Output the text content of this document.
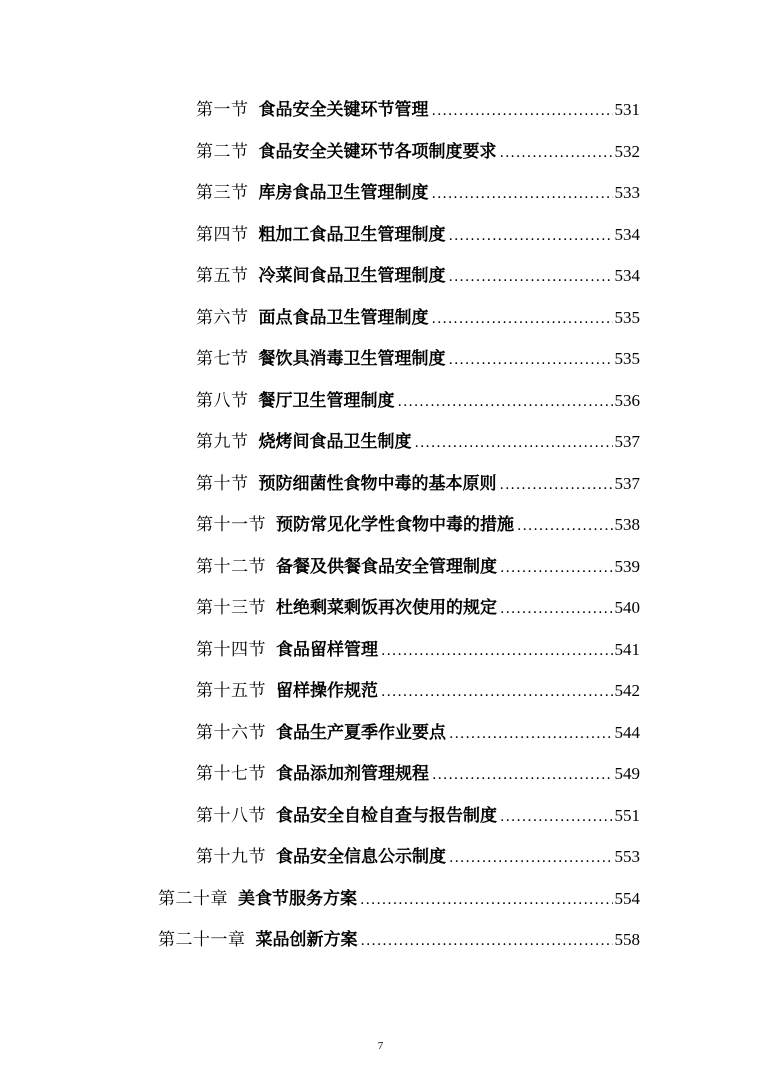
第一节 食品安全关键环节管理 .....	531
第二节 食品安全关键环节各项制度要求 .....	532
第三节 库房食品卫生管理制度 .....	533
第四节 粗加工食品卫生管理制度 .....	534
第五节 冷菜间食品卫生管理制度 .....	534
第六节 面点食品卫生管理制度 .....	535
第七节 餐饮具消毒卫生管理制度 .....	535
第八节 餐厅卫生管理制度 .....	536
第九节 烧烤间食品卫生制度 .....	537
第十节 预防细菌性食物中毒的基本原则 .....	537
第十一节 预防常见化学性食物中毒的措施 .....	538
第十二节 备餐及供餐食品安全管理制度 .....	539
第十三节 杜绝剩菜剩饭再次使用的规定 .....	540
第十四节 食品留样管理 .....	541
第十五节 留样操作规范 .....	542
第十六节 食品生产夏季作业要点 .....	544
第十七节 食品添加剂管理规程 .....	549
第十八节 食品安全自检自查与报告制度 .....	551
第十九节 食品安全信息公示制度 .....	553
第二十章 美食节服务方案 .....	554
第二十一章 菜品创新方案 .....	558
7
